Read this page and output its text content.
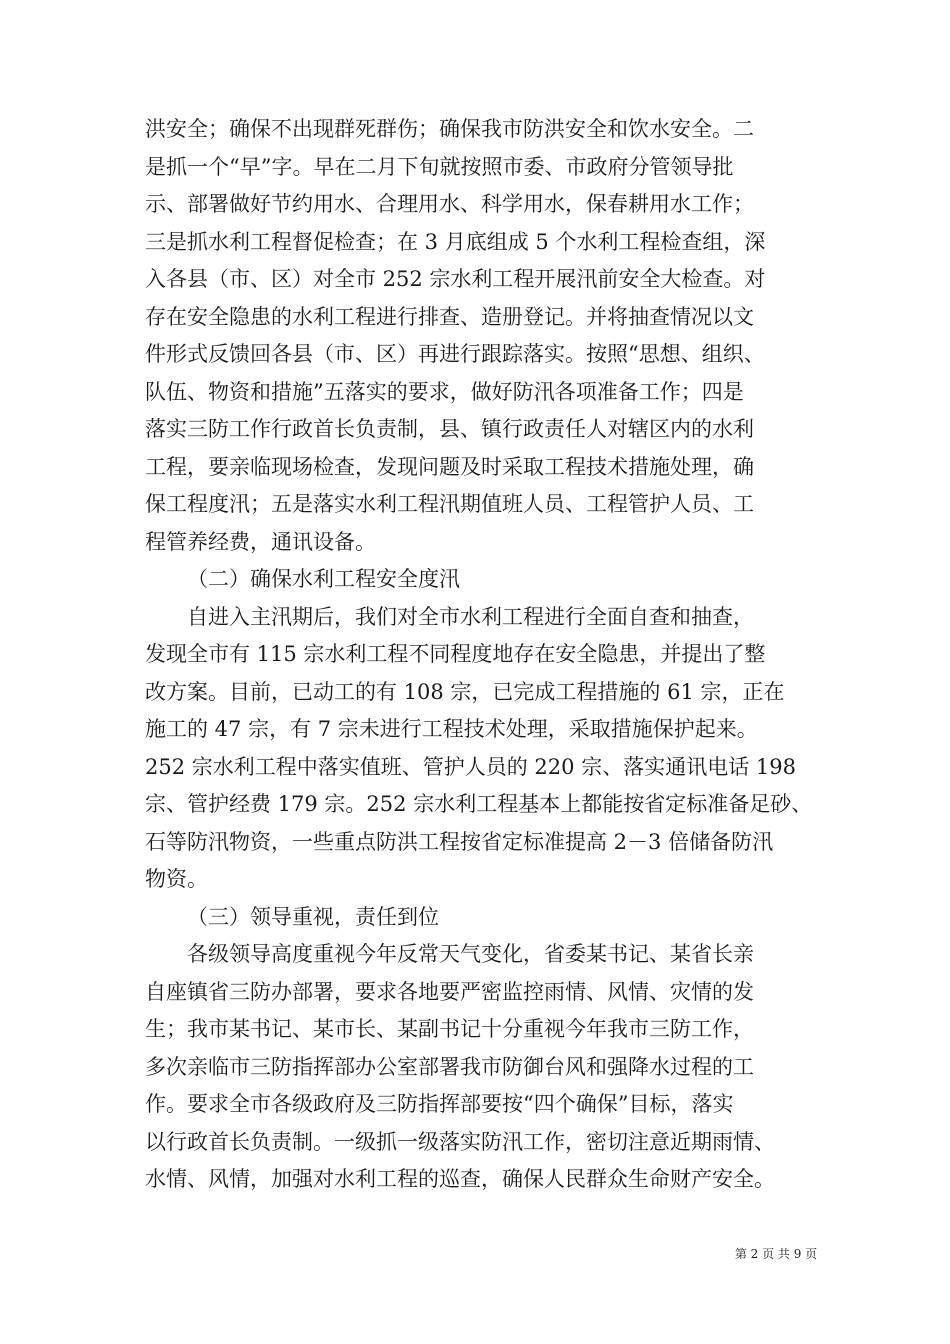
洪安全；确保不出现群死群伤；确保我市防洪安全和饮水安全。二
是抓一个“早”字。早在二月下旬就按照市委、市政府分管领导批
示、部署做好节约用水、合理用水、科学用水，保春耕用水工作；
三是抓水利工程督促检查；在 3 月底组成 5 个水利工程检查组，深
入各县（市、区）对全市 252 宗水利工程开展汛前安全大检查。对
存在安全隐患的水利工程进行排查、造册登记。并将抽查情况以文
件形式反馈回各县（市、区）再进行跟踪落实。按照“思想、组织、
队伍、物资和措施”五落实的要求，做好防汛各项准备工作；四是
落实三防工作行政首长负责制，县、镇行政责任人对辖区内的水利
工程，要亲临现场检查，发现问题及时采取工程技术措施处理，确
保工程度汛；五是落实水利工程汛期值班人员、工程管护人员、工
程管养经费，通讯设备。
（二）确保水利工程安全度汛
自进入主汛期后，我们对全市水利工程进行全面自查和抽查，
发现全市有 115 宗水利工程不同程度地存在安全隐患，并提出了整
改方案。目前，已动工的有 108 宗，已完成工程措施的 61 宗，正在
施工的 47 宗，有 7 宗未进行工程技术处理，采取措施保护起来。
252 宗水利工程中落实值班、管护人员的 220 宗、落实通讯电话 198
宗、管护经费 179 宗。252 宗水利工程基本上都能按省定标准备足砂、
石等防汛物资，一些重点防洪工程按省定标准提高 2－3 倍储备防汛
物资。
（三）领导重视，责任到位
各级领导高度重视今年反常天气变化，省委某书记、某省长亲
自座镇省三防办部署，要求各地要严密监控雨情、风情、灾情的发
生；我市某书记、某市长、某副书记十分重视今年我市三防工作，
多次亲临市三防指挥部办公室部署我市防御台风和强降水过程的工
作。要求全市各级政府及三防指挥部要按“四个确保”目标，落实
以行政首长负责制。一级抓一级落实防汛工作，密切注意近期雨情、
水情、风情，加强对水利工程的巡查，确保人民群众生命财产安全。
第 2 页 共 9 页
